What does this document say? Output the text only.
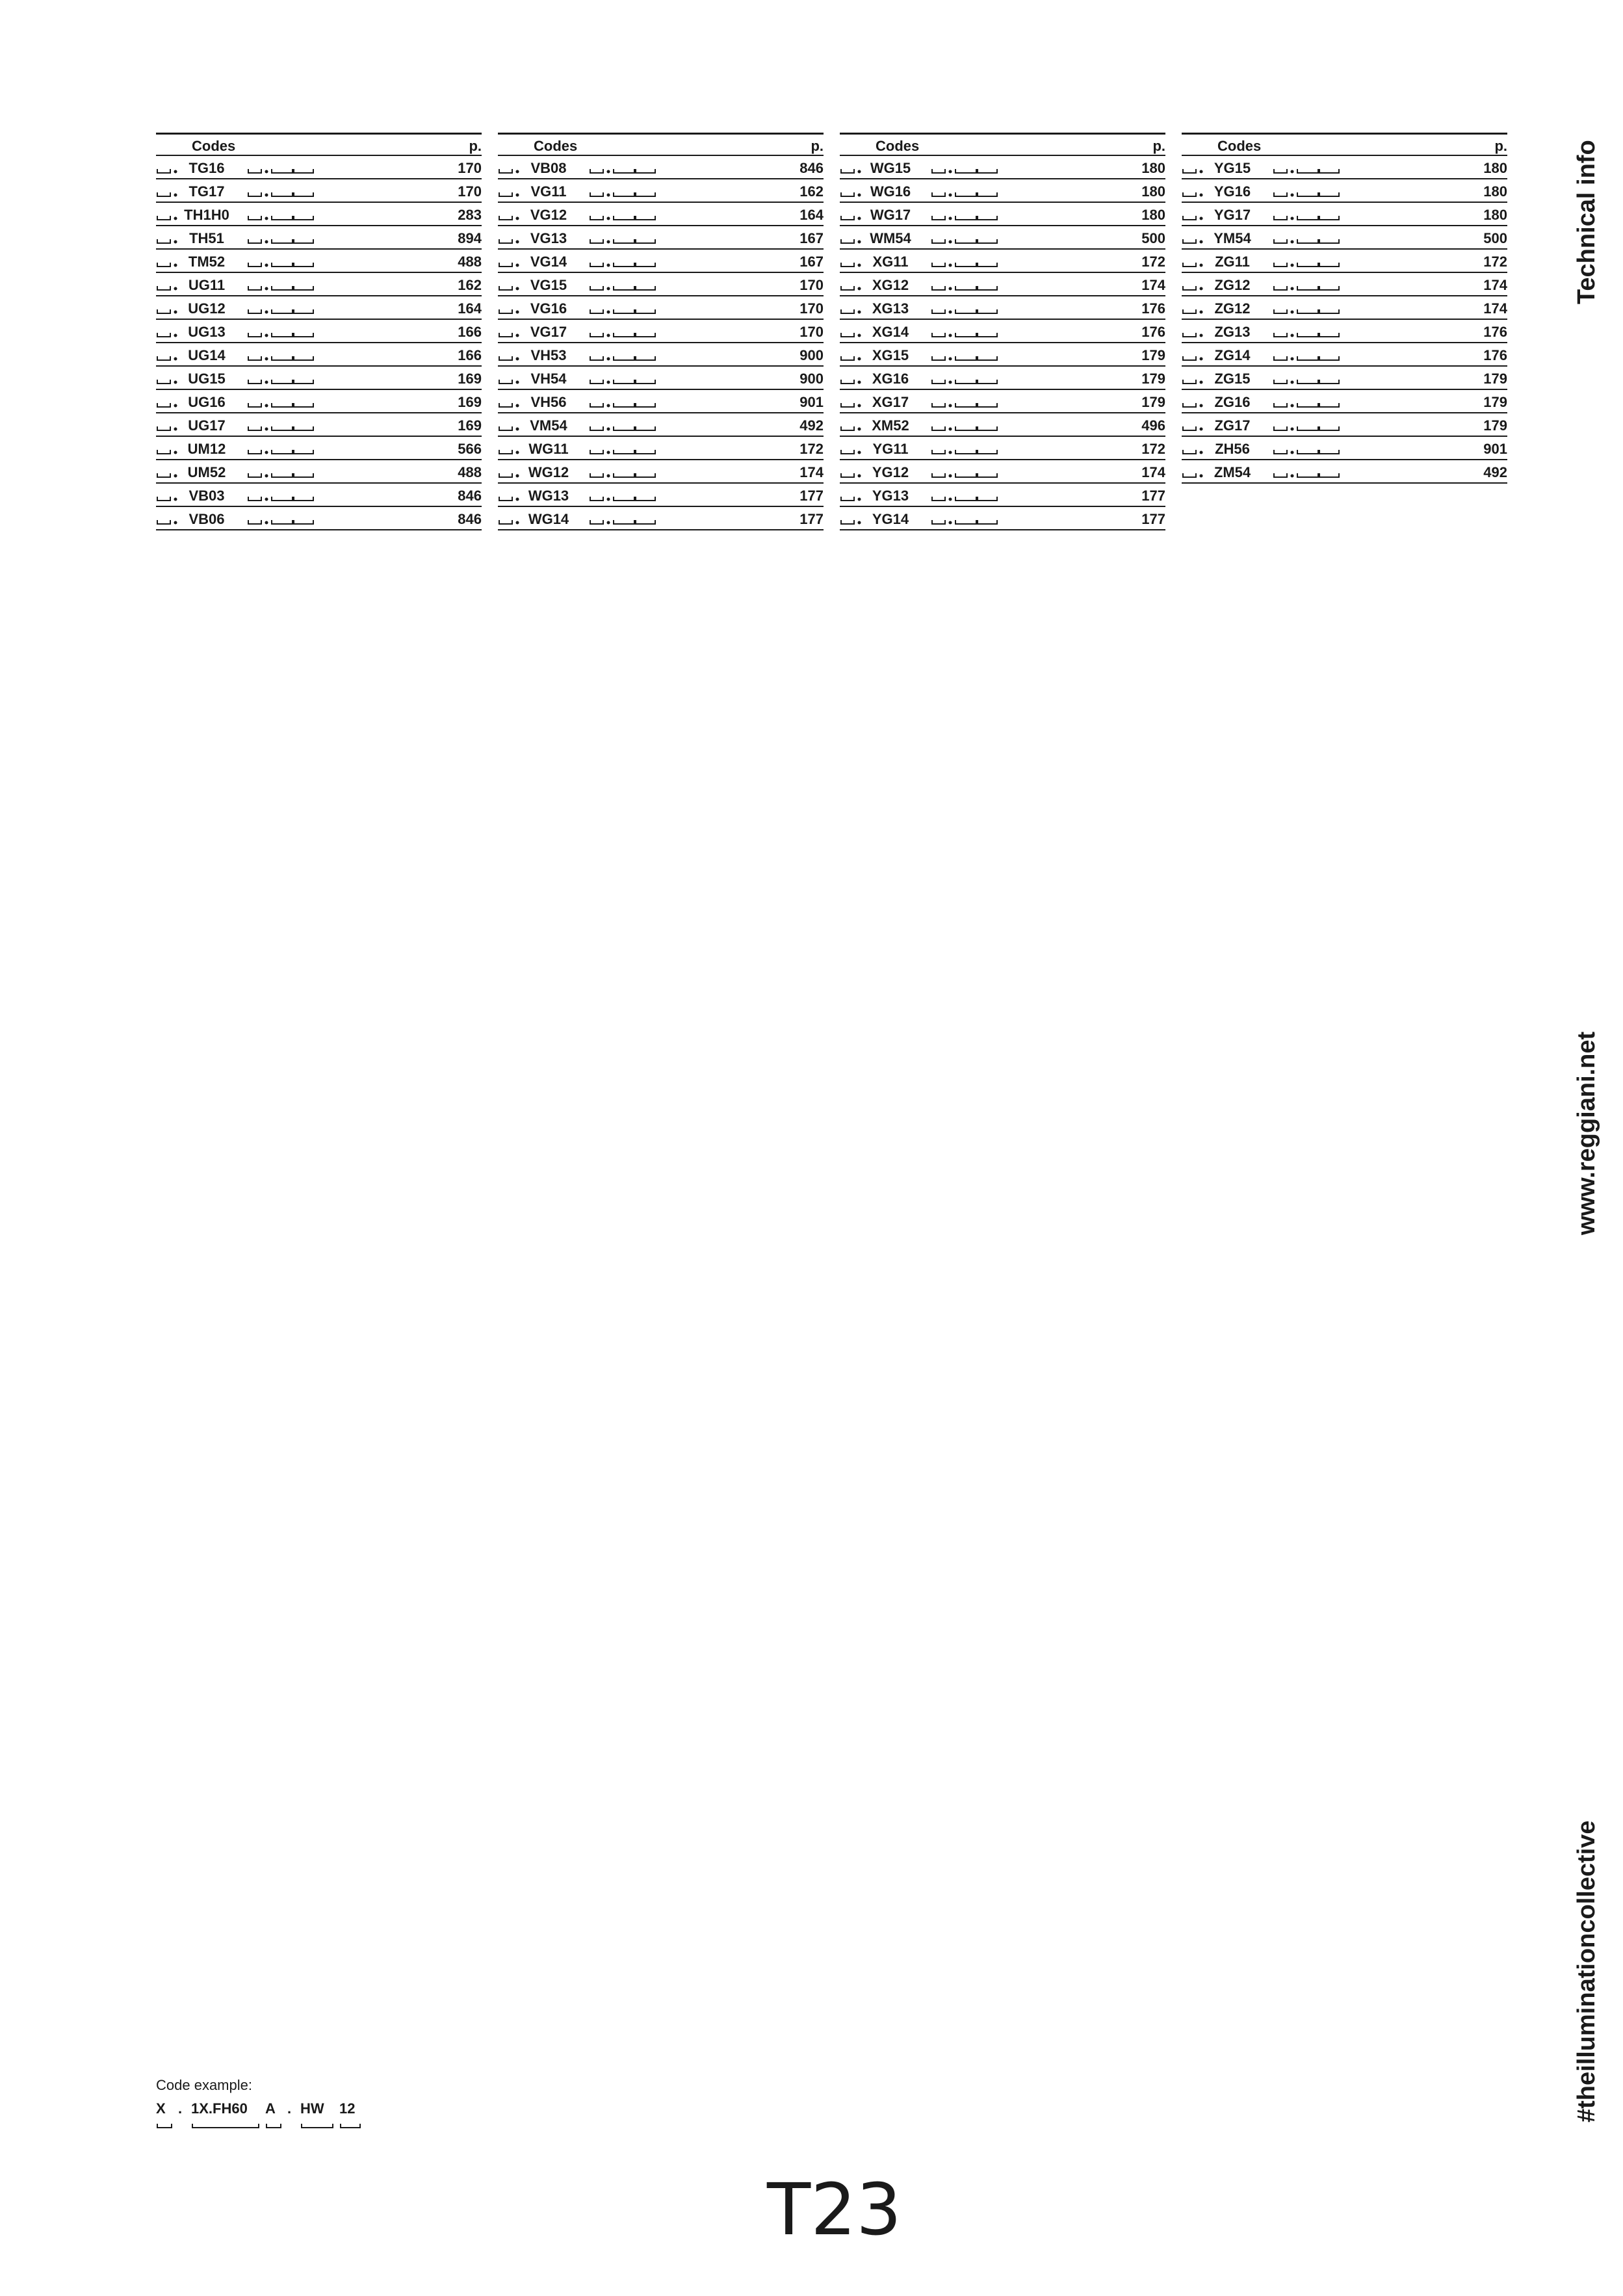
Codes	p.
TG16	170
TG17	170
TH1H0	283
TH51	894
TM52	488
UG11	162
UG12	164
UG13	166
UG14	166
UG15	169
UG16	169
UG17	169
UM12	566
UM52	488
VB03	846
VB06	846
Codes	p.
VB08	846
VG11	162
VG12	164
VG13	167
VG14	167
VG15	170
VG16	170
VG17	170
VH53	900
VH54	900
VH56	901
VM54	492
WG11	172
WG12	174
WG13	177
WG14	177
Codes	p.
WG15	180
WG16	180
WG17	180
WM54	500
XG11	172
XG12	174
XG13	176
XG14	176
XG15	179
XG16	179
XG17	179
XM52	496
YG11	172
YG12	174
YG13	177
YG14	177
Codes	p.
YG15	180
YG16	180
YG17	180
YM54	500
ZG11	172
ZG12	174
ZG12	174
ZG13	176
ZG14	176
ZG15	179
ZG16	179
ZG17	179
ZH56	901
ZM54	492
Technical info
www.reggiani.net
#theilluminationcollective
Code example:
X . 1X.FH60 A . HW 12
T23
